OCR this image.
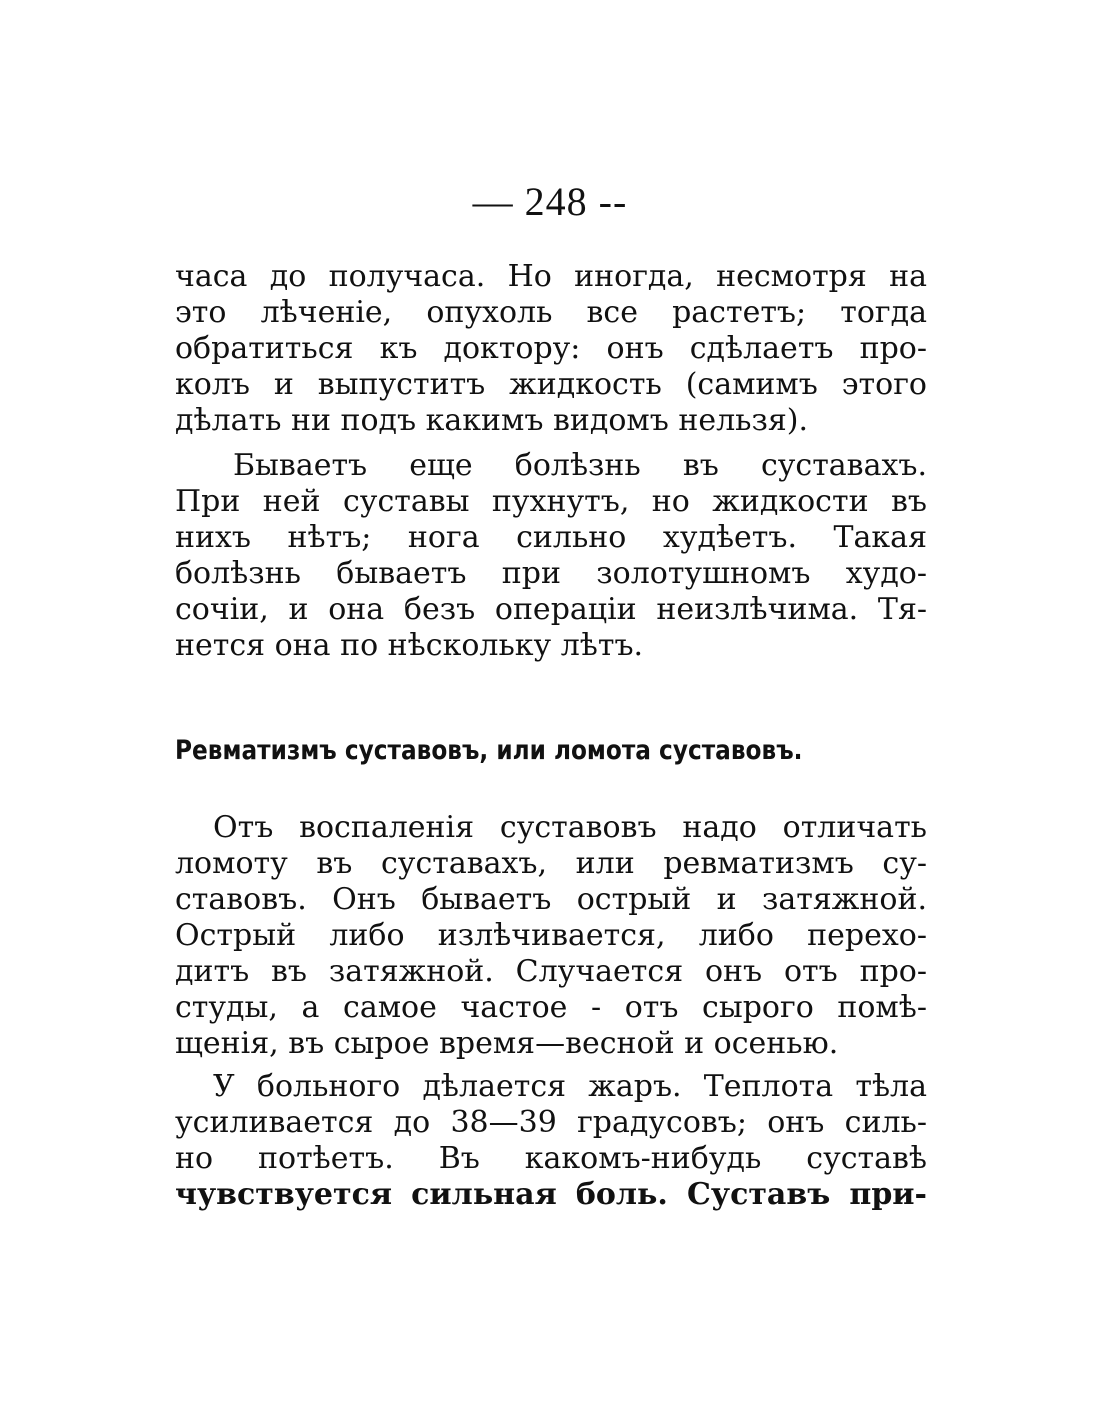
— 248 --
часа до получаса. Но иногда, несмотря на
это лѣченіе, опухоль все растетъ; тогда
обратиться къ доктору: онъ сдѣлаетъ про-
колъ и выпуститъ жидкость (самимъ этого
дѣлать ни подъ какимъ видомъ нельзя).
Бываетъ еще болѣзнь въ суставахъ.
При ней суставы пухнутъ, но жидкости въ
нихъ нѣтъ; нога сильно худѣетъ. Такая
болѣзнь бываетъ при золотушномъ худо-
сочіи, и она безъ операціи неизлѣчима. Тя-
нется она по нѣскольку лѣтъ.
Ревматизмъ суставовъ, или ломота суставовъ.
Отъ воспаленія суставовъ надо отличать
ломоту въ суставахъ, или ревматизмъ су-
ставовъ. Онъ бываетъ острый и затяжной.
Острый либо излѣчивается, либо перехо-
дитъ въ затяжной. Случается онъ отъ про-
студы, а самое частое - отъ сырого помѣ-
щенія, въ сырое время—весной и осенью.
У больного дѣлается жаръ. Теплота тѣла
усиливается до 38—39 градусовъ; онъ силь-
но потѣетъ. Въ какомъ-нибудь суставѣ
чувствуется сильная боль. Суставъ при-
